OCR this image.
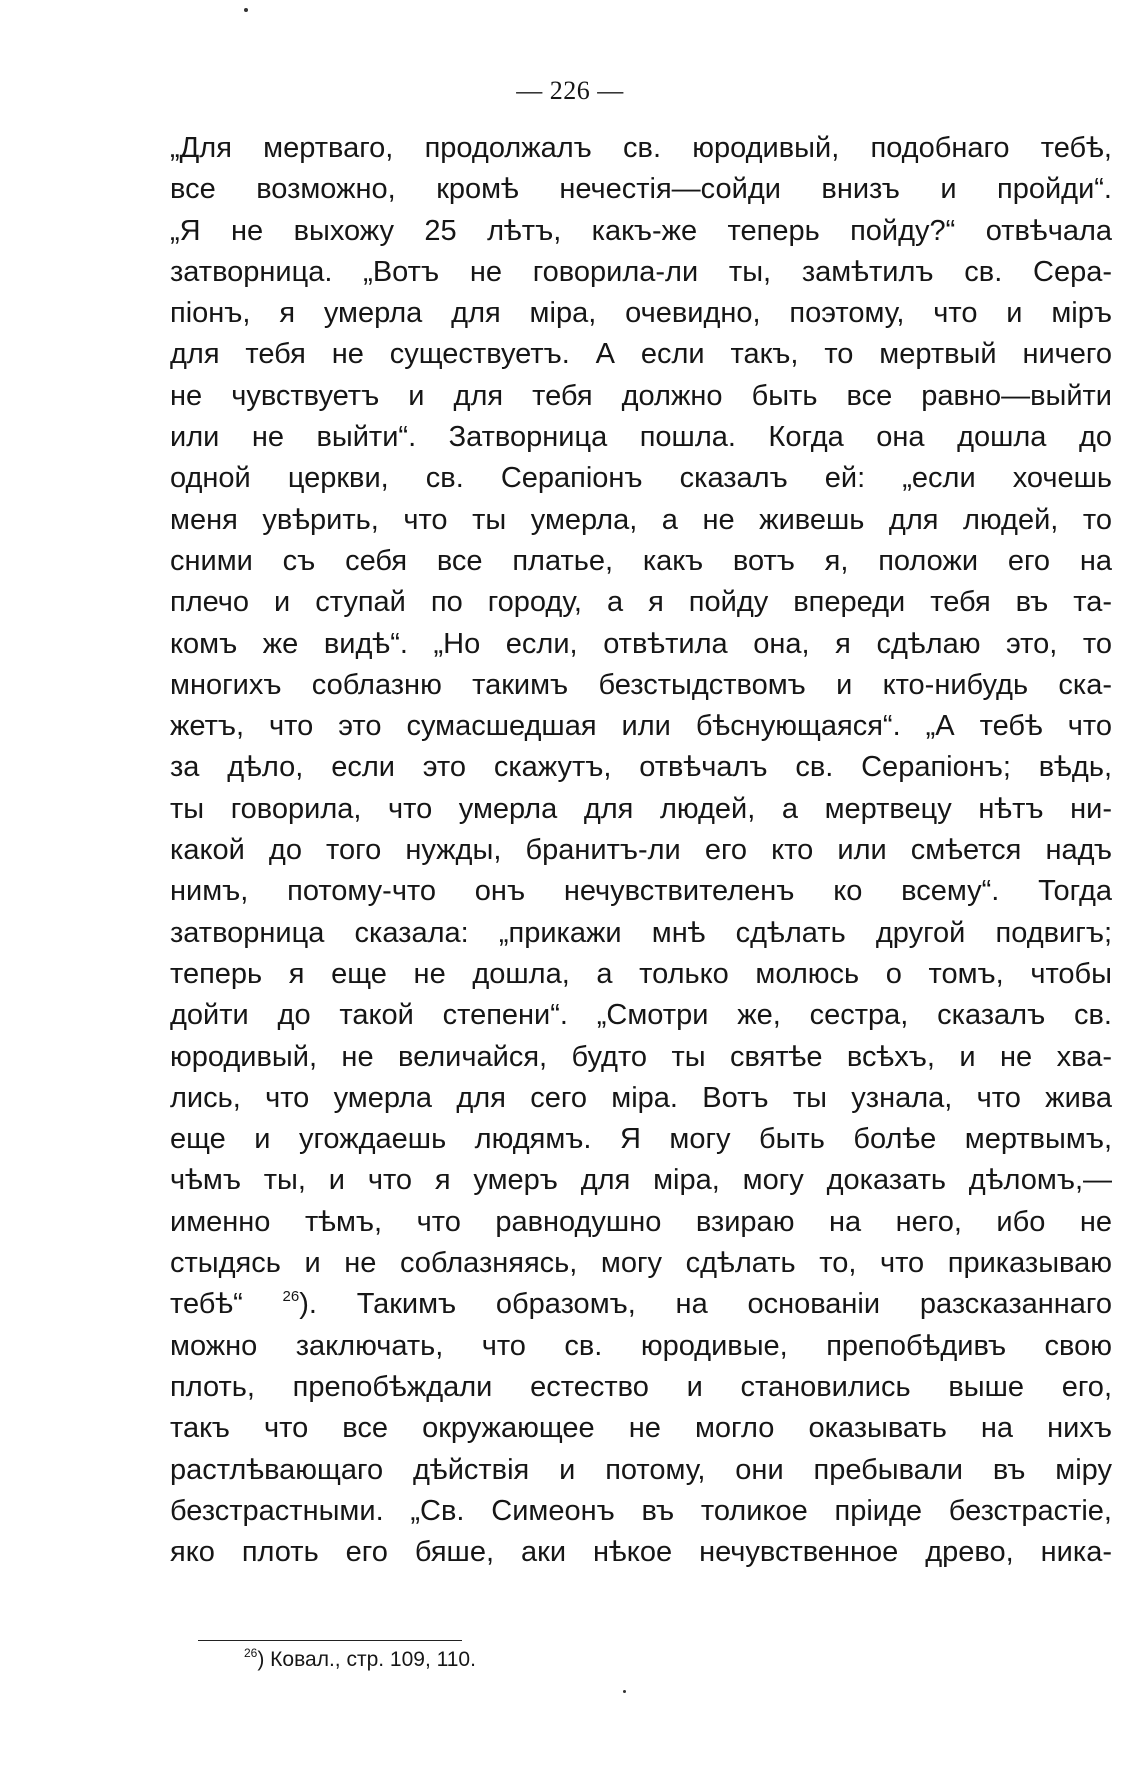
— 226 —
„Для мертваго, продолжалъ св. юродивый, подобнаго тебѣ,
все возможно, кромѣ нечестія—сойди внизъ и пройди“.
„Я не выхожу 25 лѣтъ, какъ-же теперь пойду?“ отвѣчала
затворница. „Вотъ не говорила-ли ты, замѣтилъ св. Сера-
піонъ, я умерла для міра, очевидно, поэтому, что и міръ
для тебя не существуетъ. А если такъ, то мертвый ничего
не чувствуетъ и для тебя должно быть все равно—выйти
или не выйти“. Затворница пошла. Когда она дошла до
одной церкви, св. Серапіонъ сказалъ ей: „если хочешь
меня увѣрить, что ты умерла, а не живешь для людей, то
сними съ себя все платье, какъ вотъ я, положи его на
плечо и ступай по городу, а я пойду впереди тебя въ та-
комъ же видѣ“. „Но если, отвѣтила она, я сдѣлаю это, то
многихъ соблазню такимъ безстыдствомъ и кто-нибудь ска-
жетъ, что это сумасшедшая или бѣснующаяся“. „А тебѣ что
за дѣло, если это скажутъ, отвѣчалъ св. Серапіонъ; вѣдь,
ты говорила, что умерла для людей, а мертвецу нѣтъ ни-
какой до того нужды, бранитъ-ли его кто или смѣется надъ
нимъ, потому-что онъ нечувствителенъ ко всему“. Тогда
затворница сказала: „прикажи мнѣ сдѣлать другой подвигъ;
теперь я еще не дошла, а только молюсь о томъ, чтобы
дойти до такой степени“. „Смотри же, сестра, сказалъ св.
юродивый, не величайся, будто ты святѣе всѣхъ, и не хва-
лись, что умерла для сего міра. Вотъ ты узнала, что жива
еще и угождаешь людямъ. Я могу быть болѣе мертвымъ,
чѣмъ ты, и что я умеръ для міра, могу доказать дѣломъ,—
именно тѣмъ, что равнодушно взираю на него, ибо не
стыдясь и не соблазняясь, могу сдѣлать то, что приказываю
тебѣ“ $^{26}$). Такимъ образомъ, на основаніи разсказаннаго
можно заключать, что св. юродивые, препобѣдивъ свою
плоть, препобѣждали естество и становились выше его,
такъ что все окружающее не могло оказывать на нихъ
растлѣвающаго дѣйствія и потому, они пребывали въ міру
безстрастными. „Св. Симеонъ въ толикое пріиде безстрастіе,
яко плоть его бяше, аки нѣкое нечувственное древо, ника-
$^{26}$) Ковал., стр. 109, 110.
